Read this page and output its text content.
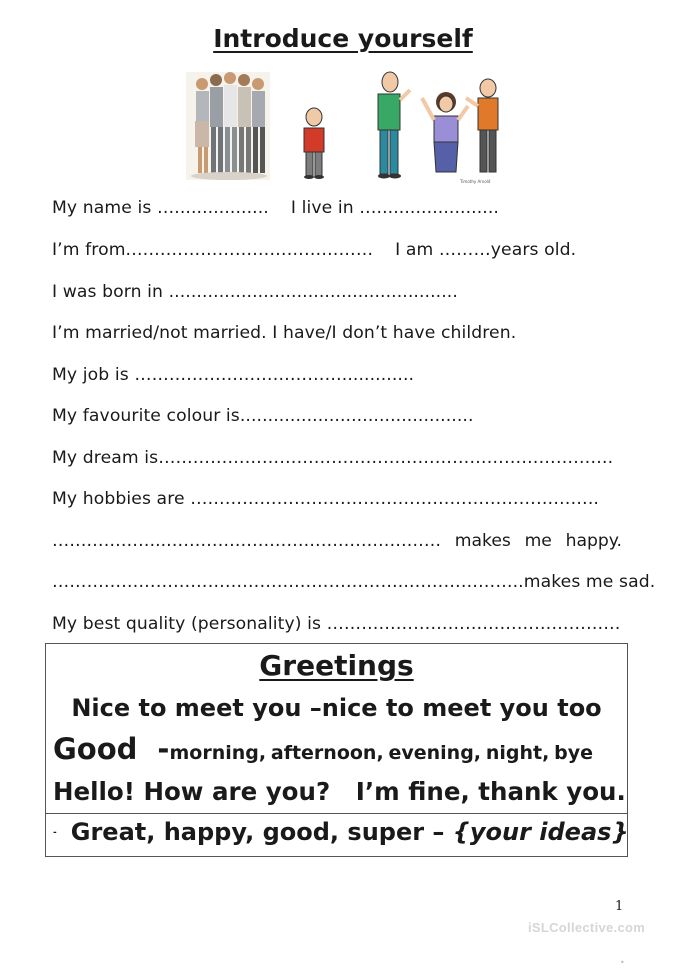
Introduce yourself
Timothy Arnold
My name is …................. I live in …......................
I’m from.…………………………………… I am ………years old.
I was born in ....................................................
I’m married/not married. I have/I don’t have children.
My job is ……………………………….............
My favourite colour is..........................................
My dream is…………………………………………………………………….
My hobbies are ……………………………………………………………..
………………..………………………………………… makes me happy.
……………………………………………………..………………..makes me sad.
My best quality (personality) is ……………………………………………
Greetings
Nice to meet you –nice to meet you too
Good - morning, afternoon, evening, night, bye
Hello! How are you?   I’m fine, thank you.
- Great, happy, good, super – {your ideas}
1
iSLCollective.com
•
